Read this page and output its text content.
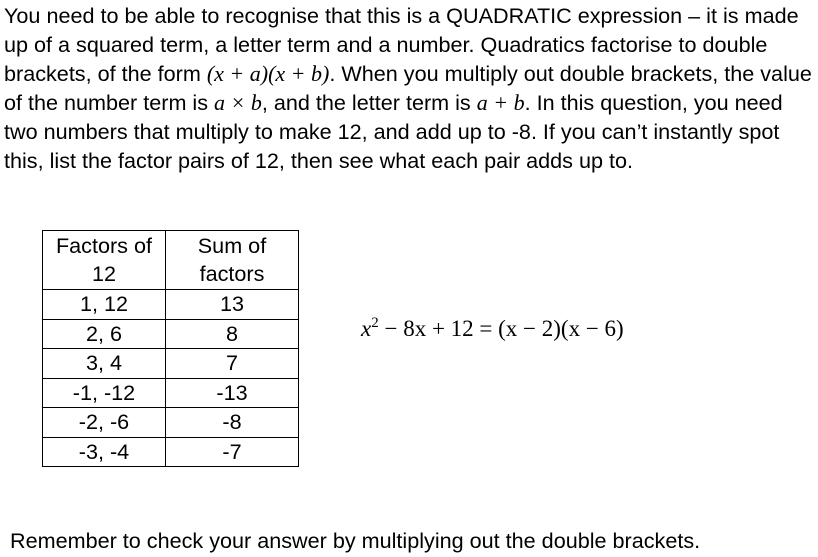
You need to be able to recognise that this is a QUADRATIC expression – it is made up of a squared term, a letter term and a number. Quadratics factorise to double brackets, of the form (x + a)(x + b). When you multiply out double brackets, the value of the number term is a × b, and the letter term is a + b. In this question, you need two numbers that multiply to make 12, and add up to -8. If you can’t instantly spot this, list the factor pairs of 12, then see what each pair adds up to.

Factors of 12	Sum of factors
1, 12	13
2, 6	8
3, 4	7
-1, -12	-13
-2, -6	-8
-3, -4	-7
$x^2 - 8x + 12 = (x - 2)(x - 6)$

Remember to check your answer by multiplying out the double brackets.
